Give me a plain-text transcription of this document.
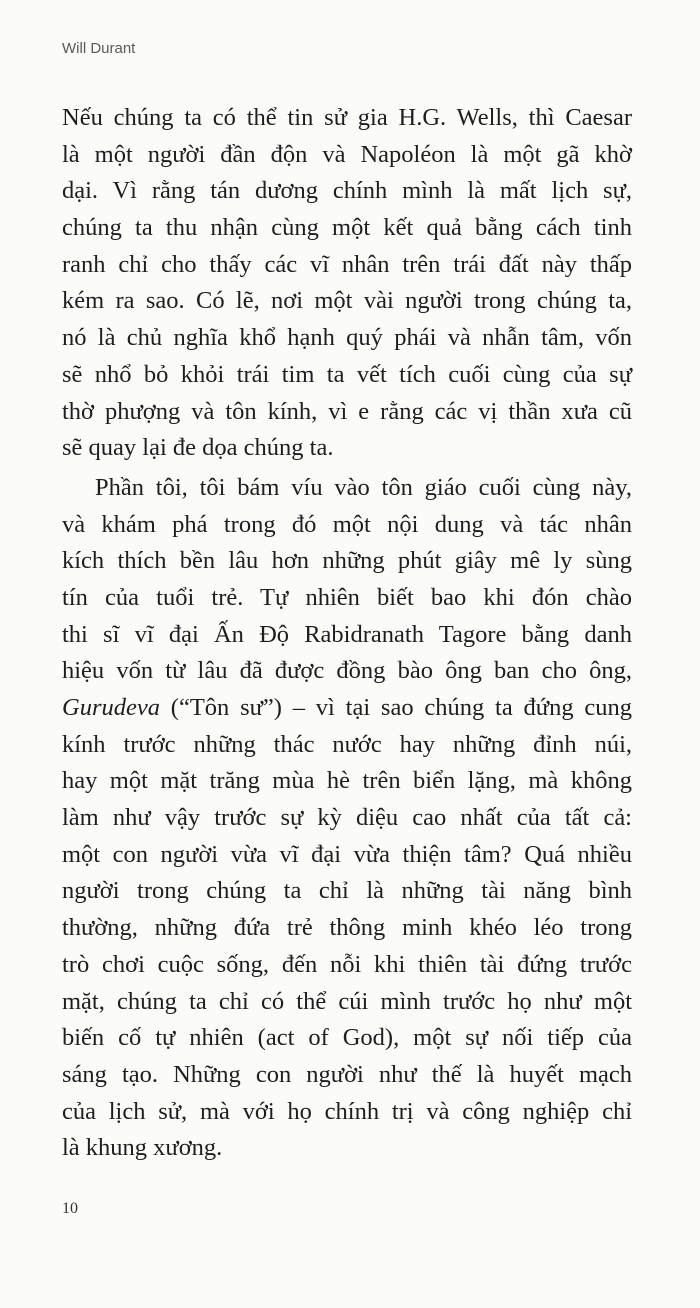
Will Durant
Nếu chúng ta có thể tin sử gia H.G. Wells, thì Caesar
là một người đần độn và Napoléon là một gã khờ
dại. Vì rằng tán dương chính mình là mất lịch sự,
chúng ta thu nhận cùng một kết quả bằng cách tinh
ranh chỉ cho thấy các vĩ nhân trên trái đất này thấp
kém ra sao. Có lẽ, nơi một vài người trong chúng ta,
nó là chủ nghĩa khổ hạnh quý phái và nhẫn tâm, vốn
sẽ nhổ bỏ khỏi trái tim ta vết tích cuối cùng của sự
thờ phượng và tôn kính, vì e rằng các vị thần xưa cũ
sẽ quay lại đe dọa chúng ta.
Phần tôi, tôi bám víu vào tôn giáo cuối cùng này,
và khám phá trong đó một nội dung và tác nhân
kích thích bền lâu hơn những phút giây mê ly sùng
tín của tuổi trẻ. Tự nhiên biết bao khi đón chào
thi sĩ vĩ đại Ấn Độ Rabidranath Tagore bằng danh
hiệu vốn từ lâu đã được đồng bào ông ban cho ông,
Gurudeva (“Tôn sư”) – vì tại sao chúng ta đứng cung
kính trước những thác nước hay những đỉnh núi,
hay một mặt trăng mùa hè trên biển lặng, mà không
làm như vậy trước sự kỳ diệu cao nhất của tất cả:
một con người vừa vĩ đại vừa thiện tâm? Quá nhiều
người trong chúng ta chỉ là những tài năng bình
thường, những đứa trẻ thông minh khéo léo trong
trò chơi cuộc sống, đến nỗi khi thiên tài đứng trước
mặt, chúng ta chỉ có thể cúi mình trước họ như một
biến cố tự nhiên (act of God), một sự nối tiếp của
sáng tạo. Những con người như thế là huyết mạch
của lịch sử, mà với họ chính trị và công nghiệp chỉ
là khung xương.
10
